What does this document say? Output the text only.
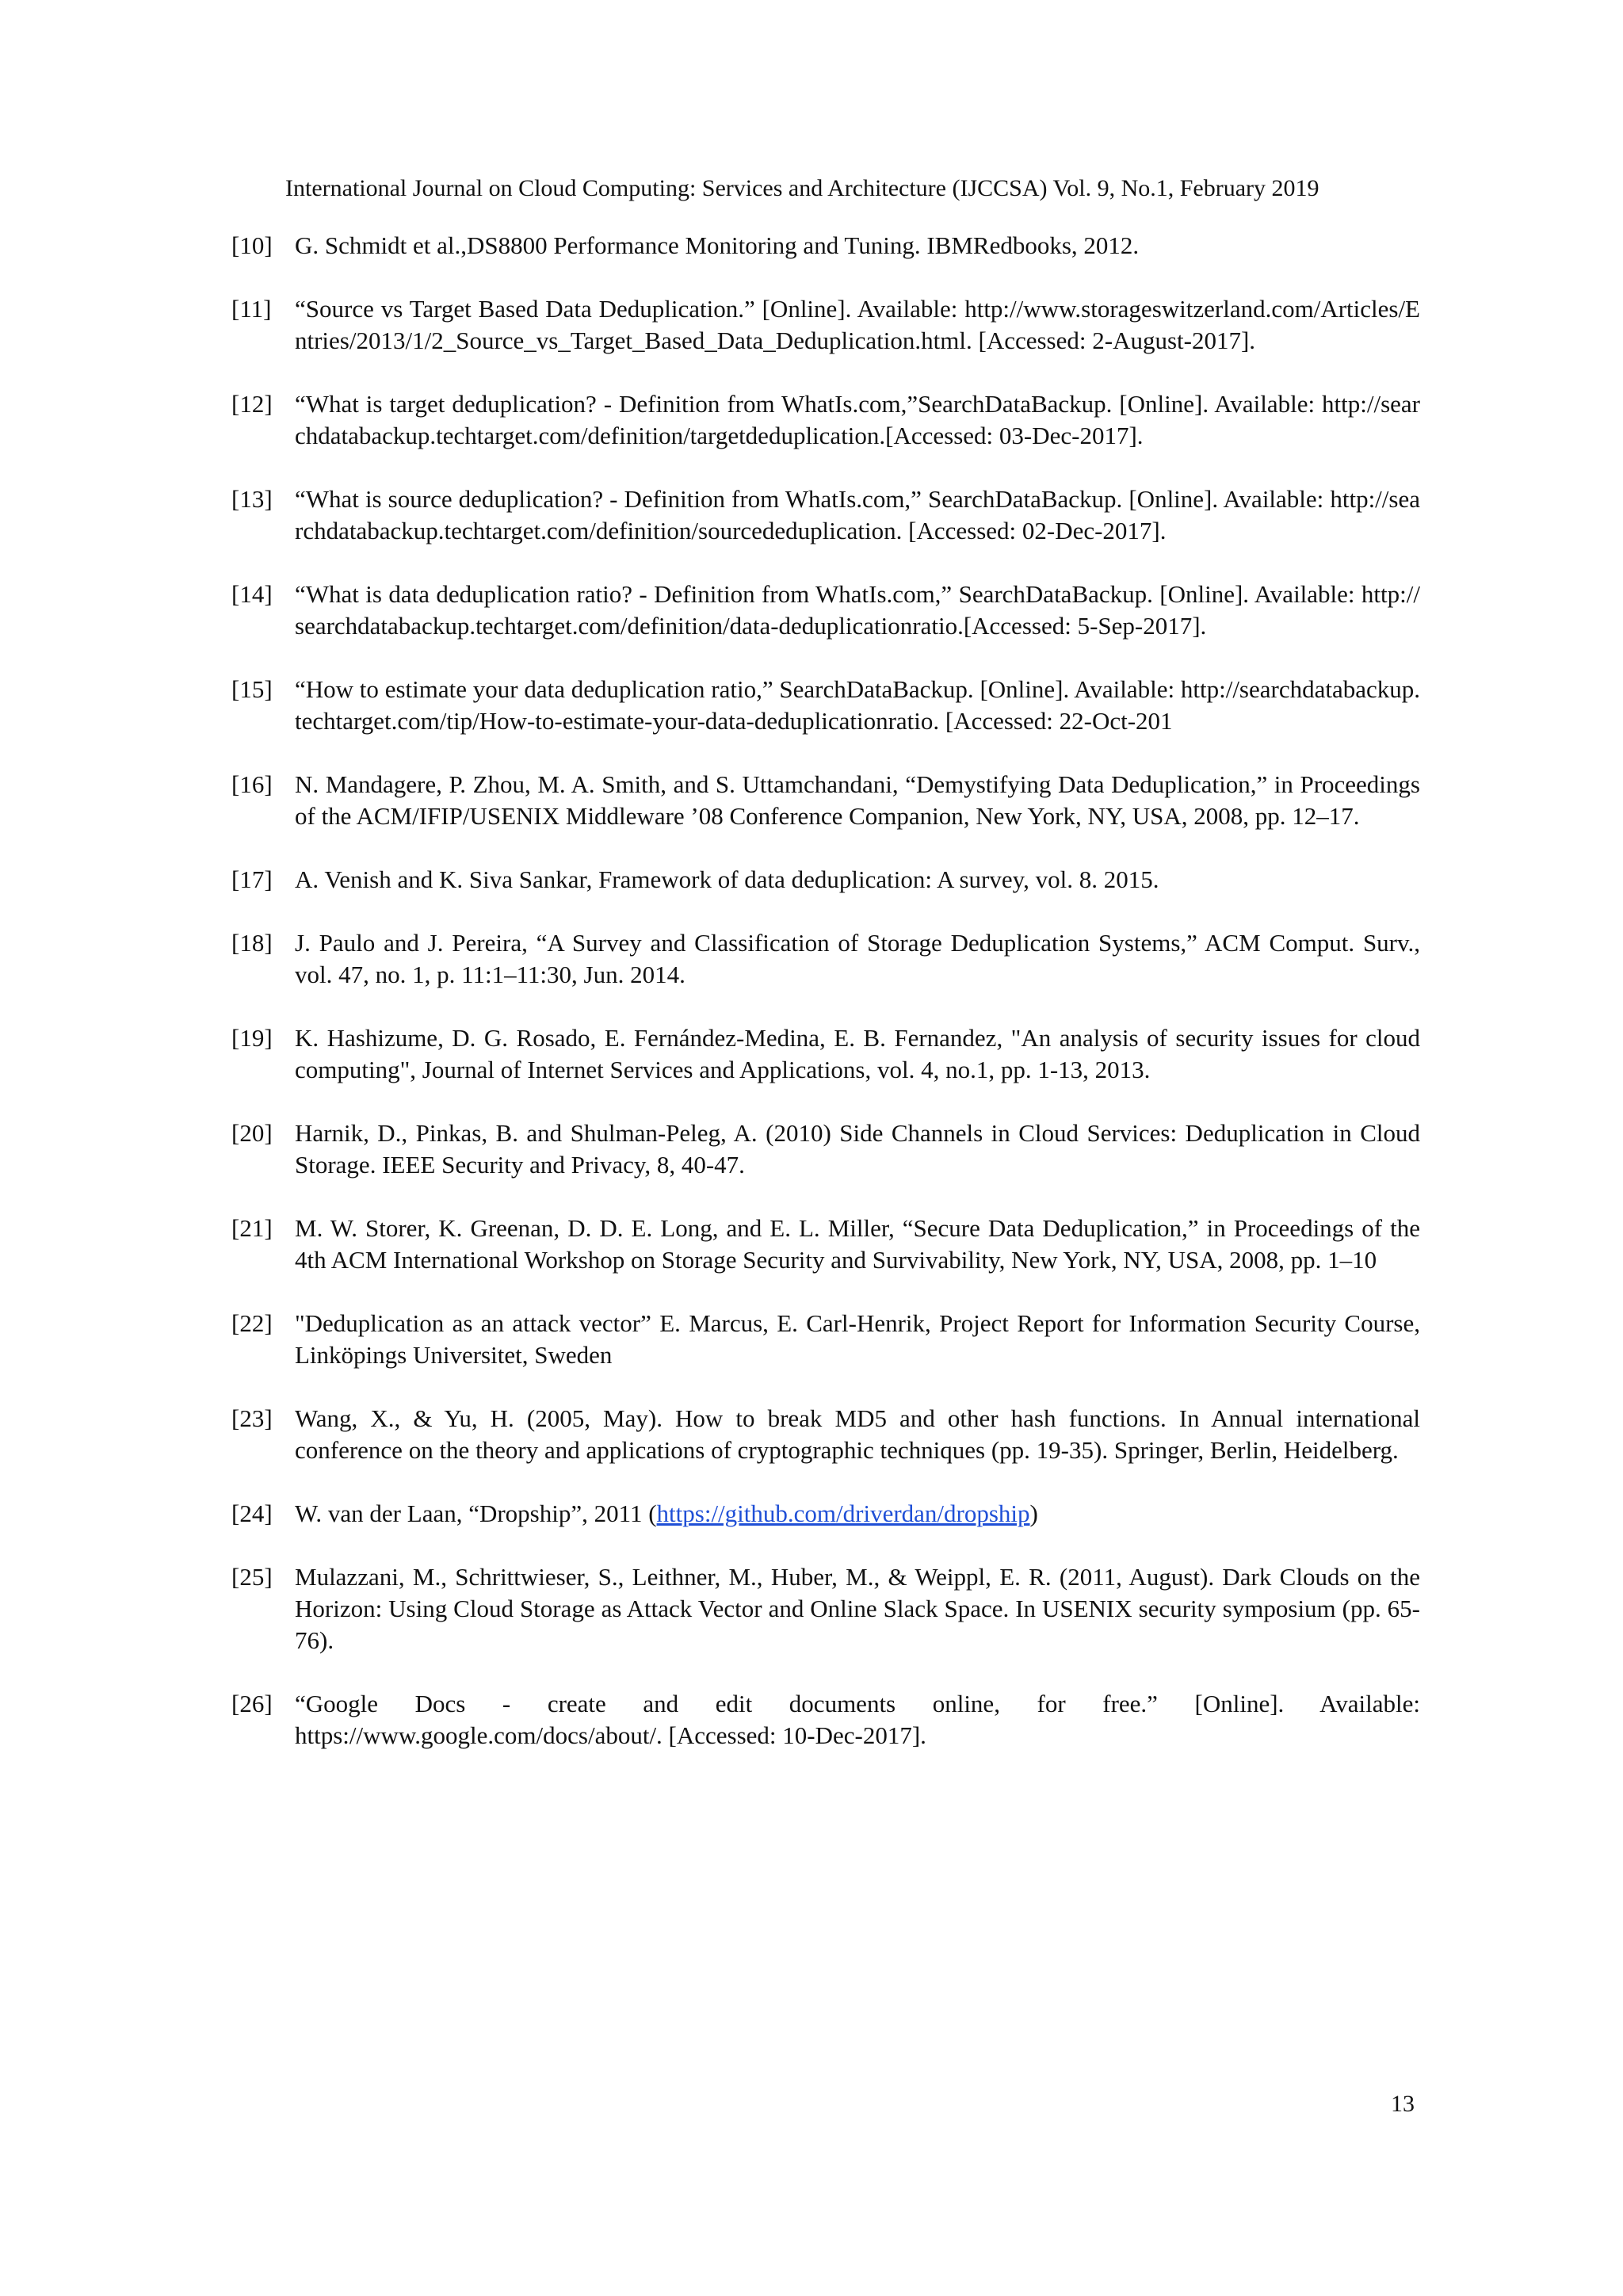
International Journal on Cloud Computing: Services and Architecture (IJCCSA) Vol. 9, No.1, February 2019
[10] G. Schmidt et al.,DS8800 Performance Monitoring and Tuning. IBMRedbooks, 2012.
[11] “Source vs Target Based Data Deduplication.” [Online]. Available: http://www.storageswitzerland.com/Articles/Entries/2013/1/2_Source_vs_Target_Based_Data_Deduplication.html. [Accessed: 2-August-2017].
[12] “What is target deduplication? - Definition from WhatIs.com,”SearchDataBackup. [Online]. Available: http://searchdatabackup.techtarget.com/definition/targetdeduplication.[Accessed: 03-Dec-2017].
[13] “What is source deduplication? - Definition from WhatIs.com,” SearchDataBackup. [Online]. Available: http://searchdatabackup.techtarget.com/definition/sourcededuplication. [Accessed: 02-Dec-2017].
[14] “What is data deduplication ratio? - Definition from WhatIs.com,” SearchDataBackup. [Online]. Available: http://searchdatabackup.techtarget.com/definition/data-deduplicationratio.[Accessed: 5-Sep-2017].
[15] “How to estimate your data deduplication ratio,” SearchDataBackup. [Online]. Available: http://searchdatabackup.techtarget.com/tip/How-to-estimate-your-data-deduplicationratio. [Accessed: 22-Oct-201
[16] N. Mandagere, P. Zhou, M. A. Smith, and S. Uttamchandani, “Demystifying Data Deduplication,” in Proceedings of the ACM/IFIP/USENIX Middleware ’08 Conference Companion, New York, NY, USA, 2008, pp. 12–17.
[17] A. Venish and K. Siva Sankar, Framework of data deduplication: A survey, vol. 8. 2015.
[18] J. Paulo and J. Pereira, “A Survey and Classification of Storage Deduplication Systems,” ACM Comput. Surv., vol. 47, no. 1, p. 11:1–11:30, Jun. 2014.
[19] K. Hashizume, D. G. Rosado, E. Fernández-Medina, E. B. Fernandez, "An analysis of security issues for cloud computing", Journal of Internet Services and Applications, vol. 4, no.1, pp. 1-13, 2013.
[20] Harnik, D., Pinkas, B. and Shulman-Peleg, A. (2010) Side Channels in Cloud Services: Deduplication in Cloud Storage. IEEE Security and Privacy, 8, 40-47.
[21] M. W. Storer, K. Greenan, D. D. E. Long, and E. L. Miller, “Secure Data Deduplication,” in Proceedings of the 4th ACM International Workshop on Storage Security and Survivability, New York, NY, USA, 2008, pp. 1–10
[22] "Deduplication as an attack vector” E. Marcus, E. Carl-Henrik, Project Report for Information Security Course, Linköpings Universitet, Sweden
[23] Wang, X., & Yu, H. (2005, May). How to break MD5 and other hash functions. In Annual international conference on the theory and applications of cryptographic techniques (pp. 19-35). Springer, Berlin, Heidelberg.
[24] W. van der Laan, “Dropship”, 2011 (https://github.com/driverdan/dropship)
[25] Mulazzani, M., Schrittwieser, S., Leithner, M., Huber, M., & Weippl, E. R. (2011, August). Dark Clouds on the Horizon: Using Cloud Storage as Attack Vector and Online Slack Space. In USENIX security symposium (pp. 65-76).
[26] “Google Docs - create and edit documents online, for free.” [Online]. Available: https://www.google.com/docs/about/. [Accessed: 10-Dec-2017].
13
